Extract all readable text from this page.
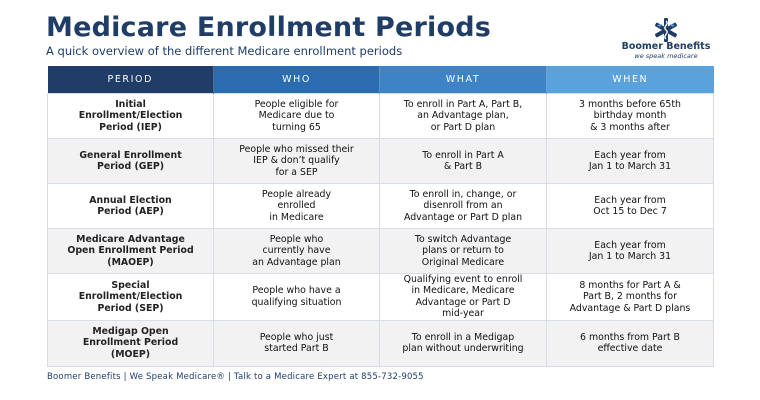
Medicare Enrollment Periods
A quick overview of the different Medicare enrollment periods	Boomer Benefits
we speak medicare
PERIOD	WHO	WHAT	WHEN

Initial
Enrollment/Election
Period (IEP)	People eligible for
Medicare due to
turning 65	To enroll in Part A, Part B,
an Advantage plan,
or Part D plan	3 months before 65th
birthday month
& 3 months after

General Enrollment
Period (GEP)	People who missed their
IEP & don’t qualify
for a SEP	To enroll in Part A
& Part B	Each year from
Jan 1 to March 31

Annual Election
Period (AEP)	People already
enrolled
in Medicare	To enroll in, change, or
disenroll from an
Advantage or Part D plan	Each year from
Oct 15 to Dec 7

Medicare Advantage
Open Enrollment Period
(MAOEP)	People who
currently have
an Advantage plan	To switch Advantage
plans or return to
Original Medicare	Each year from
Jan 1 to March 31

Special
Enrollment/Election
Period (SEP)	People who have a
qualifying situation	Qualifying event to enroll
in Medicare, Medicare
Advantage or Part D
mid-year	8 months for Part A &
Part B, 2 months for
Advantage & Part D plans

Medigap Open
Enrollment Period
(MOEP)	People who just
started Part B	To enroll in a Medigap
plan without underwriting	6 months from Part B
effective date
Boomer Benefits | We Speak Medicare® | Talk to a Medicare Expert at 855-732-9055
